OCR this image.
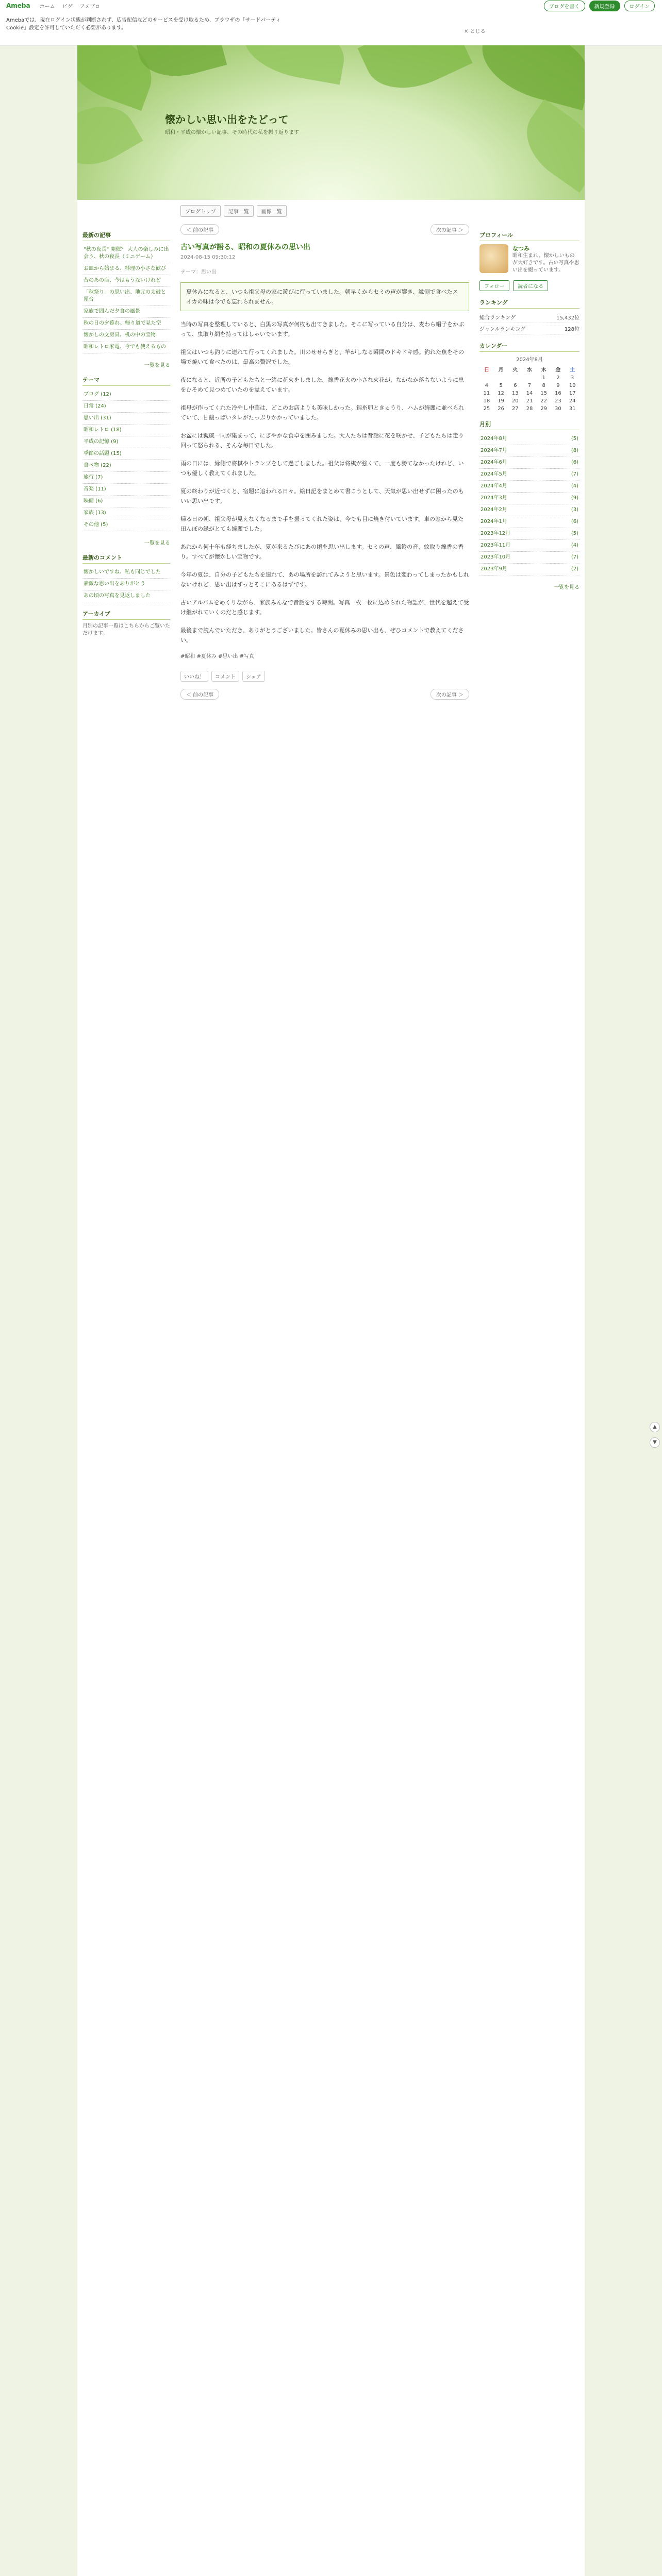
Ameba ホーム ピグ アメブロ	ブログを書く	新規登録	ログイン

Amebaでは、現在ログイン状態が判断されず、広告配信などのサービスを受け取るため、ブラウザの「サードパーティCookie」設定を許可していただく必要があります。

✕ とじる
懐かしい思い出をたどって
昭和・平成の懐かしい記事、その時代の私を振り返ります
最新の記事
"秋の夜長" 開催？ 大人の楽しみに出会う、秋の夜長（ミニゲーム）
お皿から始まる、料理の小さな歓び
昔のあの店、今はもうないけれど
「秋祭り」の思い出、地元の太鼓と屋台
家族で囲んだ夕食の風景
秋の日の夕暮れ、帰り道で見た空
懐かしの文房具、机の中の宝物
昭和レトロ家電、今でも使えるもの
一覧を見る
テーマ
ブログ (12)
日常 (24)
思い出 (31)
昭和レトロ (18)
平成の記憶 (9)
季節の話題 (15)
食べ物 (22)
旅行 (7)
音楽 (11)
映画 (6)
家族 (13)
その他 (5)
一覧を見る
最新のコメント
懐かしいですね、私も同じでした
素敵な思い出をありがとう
あの頃の写真を見返しました
アーカイブ
月別の記事一覧はこちらからご覧いただけます。
ブログトップ	記事一覧	画像一覧
＜ 前の記事	次の記事 ＞
古い写真が語る、昭和の夏休みの思い出
2024-08-15 09:30:12
テーマ：思い出

夏休みになると、いつも祖父母の家に遊びに行っていました。朝早くからセミの声が響き、縁側で食べたスイカの味は今でも忘れられません。

当時の写真を整理していると、白黒の写真が何枚も出てきました。そこに写っている自分は、麦わら帽子をかぶって、虫取り網を持ってはしゃいでいます。

祖父はいつも釣りに連れて行ってくれました。川のせせらぎと、竿がしなる瞬間のドキドキ感。釣れた魚をその場で焼いて食べたのは、最高の贅沢でした。

夜になると、近所の子どもたちと一緒に花火をしました。線香花火の小さな火花が、なかなか落ちないように息をひそめて見つめていたのを覚えています。

祖母が作ってくれた冷やし中華は、どこのお店よりも美味しかった。錦糸卵ときゅうり、ハムが綺麗に並べられていて、甘酸っぱいタレがたっぷりかかっていました。

お盆には親戚一同が集まって、にぎやかな食卓を囲みました。大人たちは昔話に花を咲かせ、子どもたちは走り回って怒られる、そんな毎日でした。

雨の日には、縁側で将棋やトランプをして過ごしました。祖父は将棋が強くて、一度も勝てなかったけれど、いつも優しく教えてくれました。

夏の終わりが近づくと、宿題に追われる日々。絵日記をまとめて書こうとして、天気が思い出せずに困ったのもいい思い出です。

帰る日の朝、祖父母が見えなくなるまで手を振ってくれた姿は、今でも目に焼き付いています。車の窓から見た田んぼの緑がとても綺麗でした。

あれから何十年も経ちましたが、夏が来るたびにあの頃を思い出します。セミの声、風鈴の音、蚊取り線香の香り。すべてが懐かしい宝物です。

今年の夏は、自分の子どもたちを連れて、あの場所を訪れてみようと思います。景色は変わってしまったかもしれないけれど、思い出はずっとそこにあるはずです。

古いアルバムをめくりながら、家族みんなで昔話をする時間。写真一枚一枚に込められた物語が、世代を超えて受け継がれていくのだと感じます。

最後まで読んでいただき、ありがとうございました。皆さんの夏休みの思い出も、ぜひコメントで教えてください。

#昭和 #夏休み #思い出 #写真
いいね！	コメント	シェア
＜ 前の記事	次の記事 ＞
プロフィール
なつみ
昭和生まれ。懐かしいものが大好きです。古い写真や思い出を綴っています。
フォロー	読者になる
ランキング
総合ランキング	15,432位
ジャンルランキング	128位
カレンダー
2024年8月
日	月	火	水	木	金	土
				1	2	3
4	5	6	7	8	9	10
11	12	13	14	15	16	17
18	19	20	21	22	23	24
25	26	27	28	29	30	31
月別
2024年8月	(5)
2024年7月	(8)
2024年6月	(6)
2024年5月	(7)
2024年4月	(4)
2024年3月	(9)
2024年2月	(3)
2024年1月	(6)
2023年12月	(5)
2023年11月	(4)
2023年10月	(7)
2023年9月	(2)
一覧を見る
▲
▼
